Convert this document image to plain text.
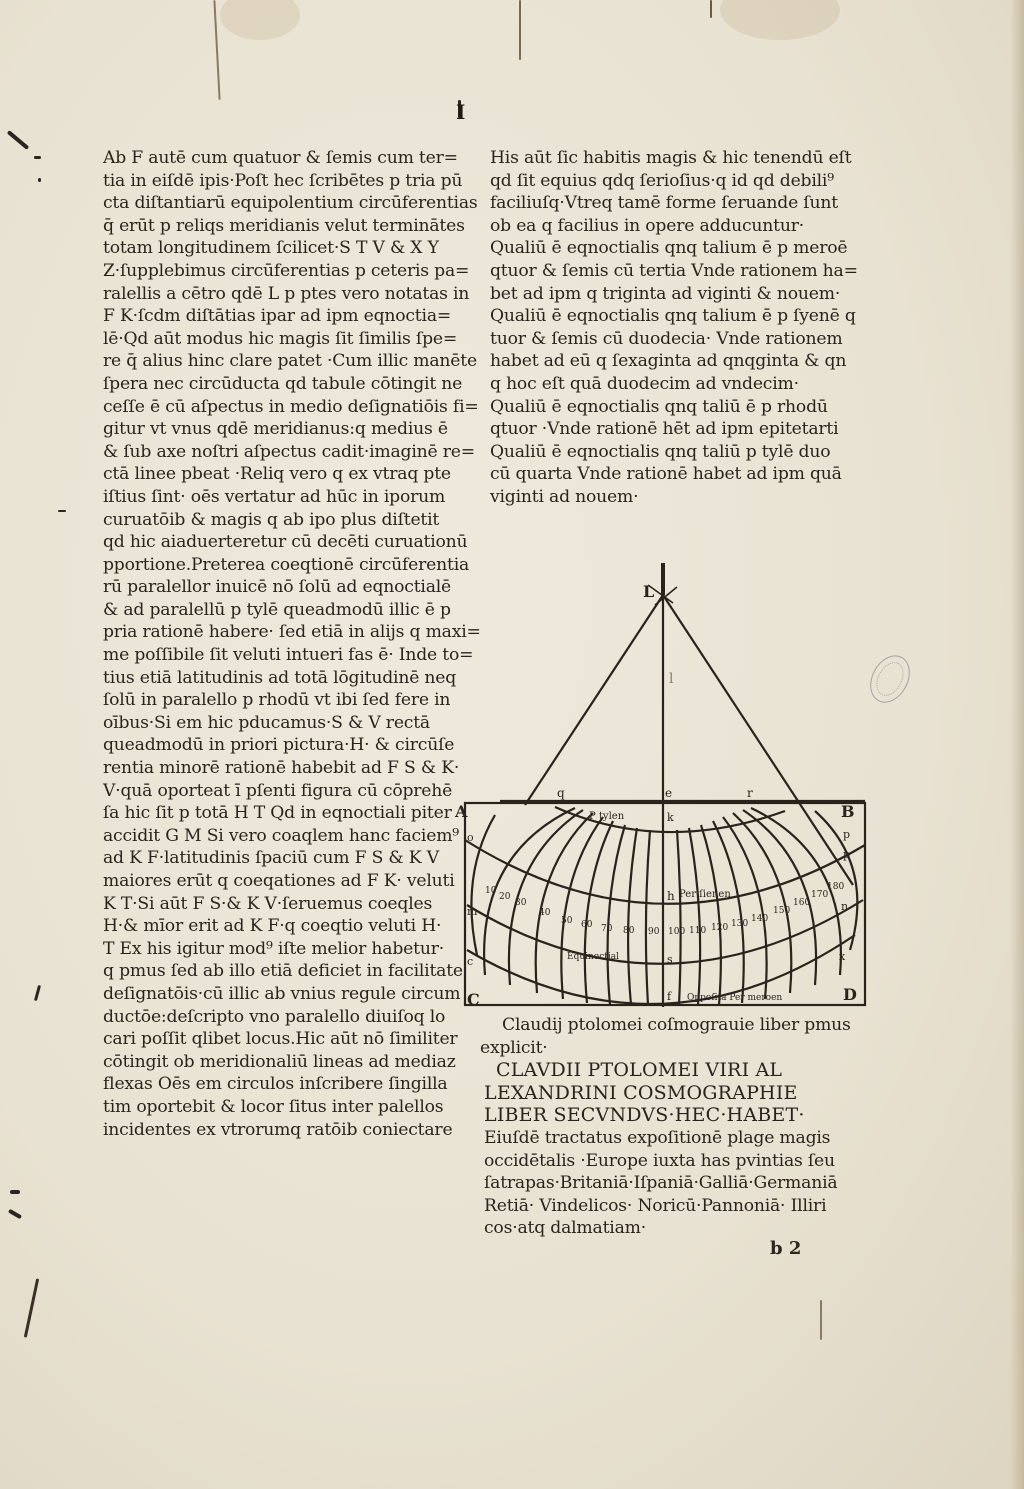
I
Ab F autē cum quatuor & ſemis cum ter=
tia in eiſdē ipis·Poſt hec ſcribētes p tria pū
cta diſtantiarū equipolentium circūferentias
q̄ erūt p reliqs meridianis velut terminātes
totam longitudinem ſcilicet·S T V & X Y
Z·ſupplebimus circūferentias p ceteris pa=
ralellis a cētro qdē L p ptes vero notatas in
F K·ſcdm diſtātias ipar ad ipm eqnoctia=
lē·Qd aūt modus hic magis ſit ſimilis ſpe=
re q̄ alius hinc clare patet ·Cum illic manēte
ſpera nec circūducta qd tabule cōtingit ne
ceſſe ē cū aſpectus in medio deſignatiōis fi=
gitur vt vnus qdē meridianus:q medius ē
& ſub axe noſtri aſpectus cadit·imaginē re=
ctā linee pbeat ·Reliq vero q ex vtraq pte
iſtius ſint· oēs vertatur ad hūc in iporum
curuatōib & magis q ab ipo plus diſtetit
qd hic aiaduerteretur cū decēti curuationū
pportione.Preterea coeqtionē circūferentia
rū paralellor inuicē nō ſolū ad eqnoctialē
& ad paralellū p tylē queadmodū illic ē p
pria rationē habere· ſed etiā in alijs q maxi=
me poſſibile ſit veluti intueri fas ē· Inde to=
tius etiā latitudinis ad totā lōgitudinē neq
ſolū in paralello p rhodū vt ibi ſed fere in
oībus·Si em hic pducamus·S & V rectā
queadmodū in priori pictura·H· & circūſe
rentia minorē rationē habebit ad F S & K·
V·quā oporteat ī pſenti figura cū cōprehē
ſa hic ſit p totā H T Qd in eqnoctiali piter
accidit G M Si vero coaqlem hanc faciem⁹
ad K F·latitudinis ſpaciū cum F S & K V
maiores erūt q coeqationes ad F K· veluti
K T·Si aūt F S·& K V·ſeruemus coeqles
H·& mīor erit ad K F·q coeqtio veluti H·
T Ex his igitur mod⁹ iſte melior habetur·
q pmus ſed ab illo etiā deficiet in facilitate
deſignatōis·cū illic ab vnius regule circum
ductōe:deſcripto vno paralello diuiſoq lo
cari poſſit qlibet locus.Hic aūt nō ſimiliter
cōtingit ob meridionaliū lineas ad mediaz
flexas Oēs em circulos inſcribere ſingilla
tim oportebit & locor ſitus inter palellos
incidentes ex vtrorumq ratōib coniectare
His aūt ſic habitis magis & hic tenendū eſt
qd ſit equius qdq ſerioſius·q id qd debili⁹
faciliuſq·Vtreq tamē forme ſeruande ſunt
ob ea q facilius in opere adducuntur·
Qualiū ē eqnoctialis qnq talium ē p meroē
qtuor & ſemis cū tertia Vnde rationem ha=
bet ad ipm q triginta ad viginti & nouem·
Qualiū ē eqnoctialis qnq talium ē p ſyenē q
tuor & ſemis cū duodecia· Vnde rationem
habet ad eū q ſexaginta ad qnqginta & qn
q hoc eſt quā duodecim ad vndecim·
Qualiū ē eqnoctialis qnq taliū ē p rhodū
qtuor ·Vnde rationē hēt ad ipm epitetarti
Qualiū ē eqnoctialis qnq taliū p tylē duo
cū quarta Vnde rationē habet ad ipm quā
viginti ad nouem·
l
L
q	e	r
A	B
C	D
P tylen	k
h Per ſienen
Equinoctial	s
f Oppoſita Per meroen
o
m
c
p
p
n
x
10
20
30
40
50 60 70 80 90 100 110 120 130 140
150
160
170
180
Claudij ptolomei coſmograuie liber pmus
explicit·
CLAVDII PTOLOMEI VIRI AL
LEXANDRINI COSMOGRAPHIE
LIBER SECVNDVS·HEC·HABET·
Eiuſdē tractatus expoſitionē plage magis
occidētalis ·Europe iuxta has pvintias ſeu
ſatrapas·Britaniā·Iſpaniā·Galliā·Germaniā
Retiā· Vindelicos· Noricū·Pannoniā· Illiri
cos·atq dalmatiam·
b 2
